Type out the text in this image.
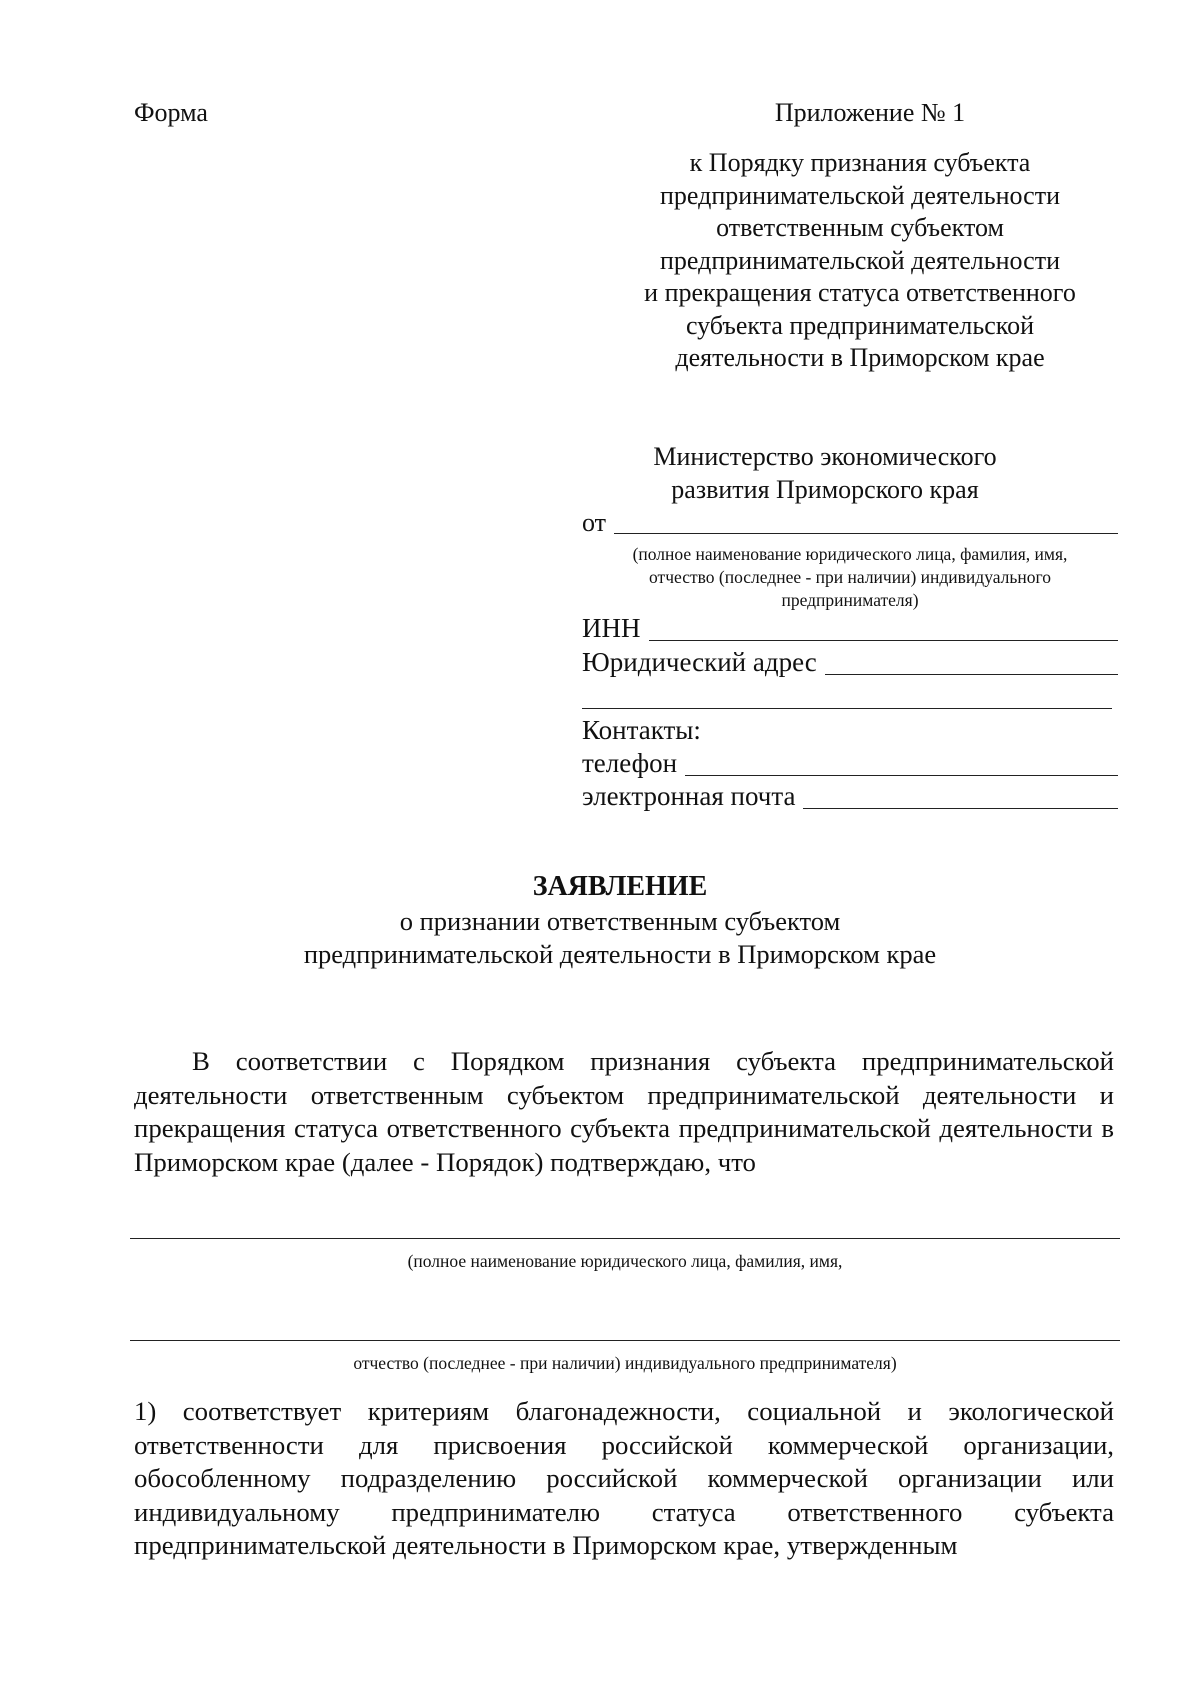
Форма	Приложение № 1
к Порядку признания субъекта
предпринимательской деятельности
ответственным субъектом
предпринимательской деятельности
и прекращения статуса ответственного
субъекта предпринимательской
деятельности в Приморском крае
Министерство экономического
развития Приморского края
от
(полное наименование юридического лица, фамилия, имя,
отчество (последнее - при наличии) индивидуального
предпринимателя)
ИНН
Юридический адрес
Контакты:
телефон
электронная почта
ЗАЯВЛЕНИЕ
о признании ответственным субъектом
предпринимательской деятельности в Приморском крае
В соответствии с Порядком признания субъекта предпринимательской деятельности ответственным субъектом предпринимательской деятельности и прекращения статуса ответственного субъекта предпринимательской деятельности в Приморском крае (далее - Порядок) подтверждаю, что
(полное наименование юридического лица, фамилия, имя,
отчество (последнее - при наличии) индивидуального предпринимателя)
1) соответствует критериям благонадежности, социальной и экологической ответственности для присвоения российской коммерческой организации, обособленному подразделению российской коммерческой организации или индивидуальному предпринимателю статуса ответственного субъекта предпринимательской деятельности в Приморском крае, утвержденным
